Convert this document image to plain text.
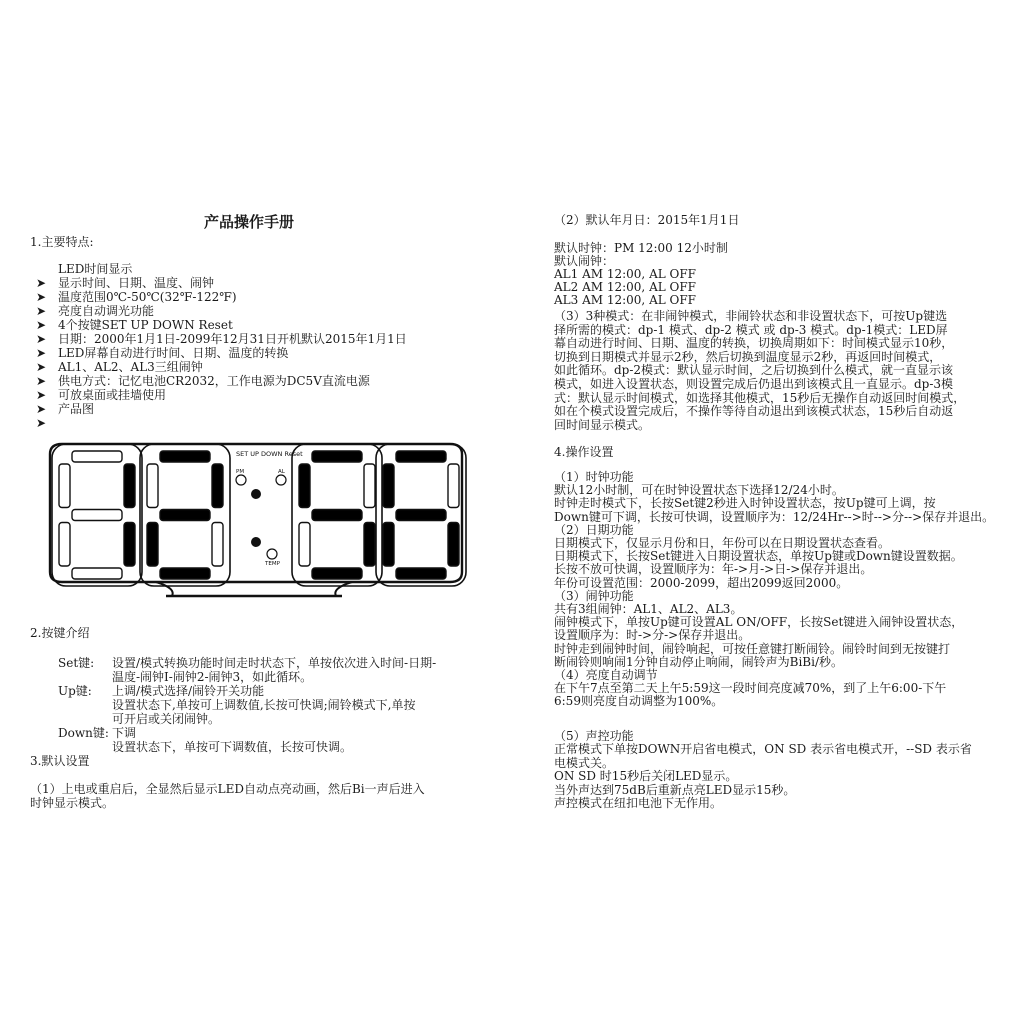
产品操作手册
1.主要特点:
LED时间显示
➤ 显示时间、日期、温度、闹钟
➤ 温度范围0℃-50℃(32℉-122℉)
➤ 亮度自动调光功能
➤ 4个按键SET UP DOWN Reset
➤ 日期：2000年1月1日-2099年12月31日开机默认2015年1月1日
➤ LED屏幕自动进行时间、日期、温度的转换
➤ AL1、AL2、AL3三组闹钟
➤ 供电方式：记忆电池CR2032，工作电源为DC5V直流电源
➤ 可放桌面或挂墙使用
➤ 产品图
➤
SET UP DOWN Reset
PM	AL
TEMP
2.按键介绍
Set键: 设置/模式转换功能时间走时状态下，单按依次进入时间-日期-
温度-闹钟I-闹钟2-闹钟3，如此循环。
Up键: 上调/模式选择/闹铃开关功能
设置状态下,单按可上调数值,长按可快调;闹铃模式下,单按
可开启或关闭闹钟。
Down键: 下调
设置状态下，单按可下调数值，长按可快调。
3.默认设置
（1）上电或重启后，全显然后显示LED自动点亮动画，然后Bi一声后进入
时钟显示模式。
（2）默认年月日：2015年1月1日
默认时钟：PM 12:00 12小时制
默认闹钟：
AL1 AM 12:00, AL OFF
AL2 AM 12:00, AL OFF
AL3 AM 12:00, AL OFF
（3）3种模式：在非闹钟模式，非闹铃状态和非设置状态下，可按Up键选
择所需的模式：dp-1 模式、dp-2 模式 或 dp-3 模式。dp-1模式：LED屏
幕自动进行时间、日期、温度的转换，切换周期如下：时间模式显示10秒，
切换到日期模式并显示2秒，然后切换到温度显示2秒，再返回时间模式，
如此循环。dp-2模式：默认显示时间，之后切换到什么模式，就一直显示该
模式，如进入设置状态，则设置完成后仍退出到该模式且一直显示。dp-3模
式：默认显示时间模式，如选择其他模式，15秒后无操作自动返回时间模式，
如在个模式设置完成后，不操作等待自动退出到该模式状态，15秒后自动返
回时间显示模式。
4.操作设置
（1）时钟功能
默认12小时制，可在时钟设置状态下选择12/24小时。
时钟走时模式下，长按Set键2秒进入时钟设置状态，按Up键可上调，按
Down键可下调，长按可快调，设置顺序为：12/24Hr-->时-->分-->保存并退出。
（2）日期功能
日期模式下，仅显示月份和日，年份可以在日期设置状态查看。
日期模式下，长按Set键进入日期设置状态，单按Up键或Down键设置数据。
长按不放可快调，设置顺序为：年->月->日->保存并退出。
年份可设置范围：2000-2099，超出2099返回2000。
（3）闹钟功能
共有3组闹钟：AL1、AL2、AL3。
闹钟模式下，单按Up键可设置AL ON/OFF，长按Set键进入闹钟设置状态，
设置顺序为：时->分->保存并退出。
时钟走到闹钟时间，闹铃响起，可按任意键打断闹铃。闹铃时间到无按键打
断闹铃则响闹1分钟自动停止响闹，闹铃声为BiBi/秒。
（4）亮度自动调节
在下午7点至第二天上午5:59这一段时间亮度减70%，到了上午6:00-下午
6:59则亮度自动调整为100%。
（5）声控功能
正常模式下单按DOWN开启省电模式，ON SD 表示省电模式开，--SD 表示省
电模式关。
ON SD 时15秒后关闭LED显示。
当外声达到75dB后重新点亮LED显示15秒。
声控模式在纽扣电池下无作用。
